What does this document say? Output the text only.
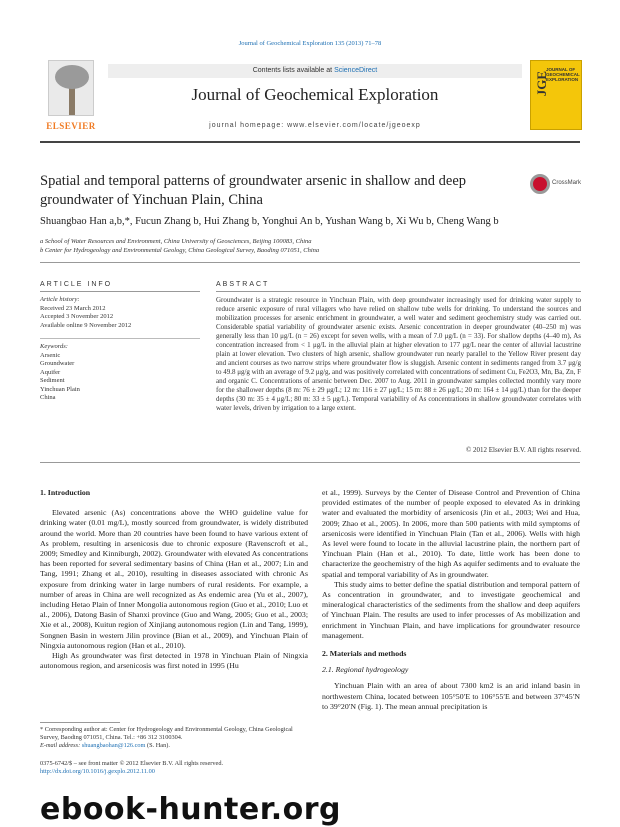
Journal of Geochemical Exploration 135 (2013) 71–78
ELSEVIER
Contents lists available at ScienceDirect
Journal of Geochemical Exploration
journal homepage: www.elsevier.com/locate/jgeoexp
JGE
JOURNAL OF GEOCHEMICAL EXPLORATION
Spatial and temporal patterns of groundwater arsenic in shallow and deep groundwater of Yinchuan Plain, China
CrossMark
Shuangbao Han a,b,*, Fucun Zhang b, Hui Zhang b, Yonghui An b, Yushan Wang b, Xi Wu b, Cheng Wang b
a School of Water Resources and Environment, China University of Geosciences, Beijing 100083, China
b Center for Hydrogeology and Environmental Geology, China Geological Survey, Baoding 071051, China
ARTICLE INFO	ABSTRACT
Article history:
Received 23 March 2012
Accepted 3 November 2012
Available online 9 November 2012
Keywords:
Arsenic
Groundwater
Aquifer
Sediment
Yinchuan Plain
China
Groundwater is a strategic resource in Yinchuan Plain, with deep groundwater increasingly used for drinking water supply to reduce arsenic exposure of rural villagers who have relied on shallow tube wells for drinking. To understand the sources and mobilization processes for arsenic enrichment in groundwater, a well water and sediment geochemistry study was carried out. Considerable spatial variability of groundwater arsenic exists. Arsenic concentration in deeper groundwater (40–250 m) was generally less than 10 μg/L (n = 26) except for seven wells, with a mean of 7.0 μg/L (n = 33). For shallow depths (4–40 m), As concentration increased from < 1 μg/L in the alluvial plain at higher elevation to 177 μg/L near the center of alluvial lacustrine plain at lower elevation. Two clusters of high arsenic, shallow groundwater run nearly parallel to the Yellow River present day and ancient courses as two narrow strips where groundwater flow is sluggish. Arsenic content in sediments ranged from 3.7 μg/g to 49.8 μg/g with an average of 9.2 μg/g, and was positively correlated with concentrations of sediment Cu, Fe2O3, Mn, Ba, Zn, F and organic C. Concentrations of arsenic between Dec. 2007 to Aug. 2011 in groundwater samples collected monthly vary more for the shallower depths (8 m: 76 ± 29 μg/L; 12 m: 116 ± 27 μg/L; 15 m: 88 ± 26 μg/L; 20 m: 164 ± 14 μg/L) than for the deeper depths (30 m: 35 ± 4 μg/L; 80 m: 33 ± 5 μg/L). Temporal variability of As concentrations in shallow groundwater correlates with water levels, driven by irrigation to a large extent.
© 2012 Elsevier B.V. All rights reserved.

1. Introduction

Elevated arsenic (As) concentrations above the WHO guideline value for drinking water (0.01 mg/L), mostly sourced from groundwater, is widely distributed around the world. More than 20 countries have been found to have various extent of As problem, resulting in arsenicosis due to chronic exposure (Ravenscroft et al., 2009; Smedley and Kinniburgh, 2002). Groundwater with elevated As concentrations has been reported for several sedimentary basins of China (Han et al., 2007; Lin and Tang, 1991; Zhang et al., 2010), resulting in diseases associated with chronic As exposure from drinking water in large numbers of rural residents. For example, a number of areas in China are well recognized as As endemic area (Yu et al., 2007), including Hetao Plain of Inner Mongolia autonomous region (Guo et al., 2010; Luo et al., 2006), Datong Basin of Shanxi province (Guo and Wang, 2005; Guo et al., 2003; Xie et al., 2008), Kuitun region of Xinjiang autonomous region (Lin and Tang, 1999), Songnen Basin in western Jilin province (Bian et al., 2009), and Yinchuan Plain of Ningxia autonomous region (Han et al., 2010).

High As groundwater was first detected in 1978 in Yinchuan Plain of Ningxia autonomous region, and arsenicosis was first noted in 1995 (Hu

et al., 1999). Surveys by the Center of Disease Control and Prevention of China provided estimates of the number of people exposed to elevated As in drinking water and evaluated the morbidity of arsenicosis (Jin et al., 2003; Wei and Hua, 2009; Zhao et al., 2005). In 2006, more than 500 patients with mild symptoms of arsenicosis were identified in Yinchuan Plain (Tan et al., 2006). Wells with high As level were found to locate in the alluvial lacustrine plain, the northern part of Yinchuan Plain (Han et al., 2010). To date, little work has been done to characterize the geochemistry of the high As aquifer sediments and to evaluate the spatial and temporal variability of As in groundwater.

This study aims to better define the spatial distribution and temporal pattern of As concentration in groundwater, and to investigate geochemical and mineralogical characteristics of the sediments from the shallow and deep aquifers of Yinchuan Plain. The results are used to infer processes of As mobilization and enrichment in Yinchuan Plain, and have implications for groundwater resource management.

2. Materials and methods

2.1. Regional hydrogeology

Yinchuan Plain with an area of about 7300 km2 is an arid inland basin in northwestern China, located between 105°50′E to 106°55′E and between 37°45′N to 39°20′N (Fig. 1). The mean annual precipitation is

* Corresponding author at: Center for Hydrogeology and Environmental Geology, China Geological Survey, Baoding 071051, China. Tel.: +86 312 3100304.
E-mail address: shuangbaohan@126.com (S. Han).
0375-6742/$ – see front matter © 2012 Elsevier B.V. All rights reserved.
http://dx.doi.org/10.1016/j.gexplo.2012.11.00
ebook-hunter.org
